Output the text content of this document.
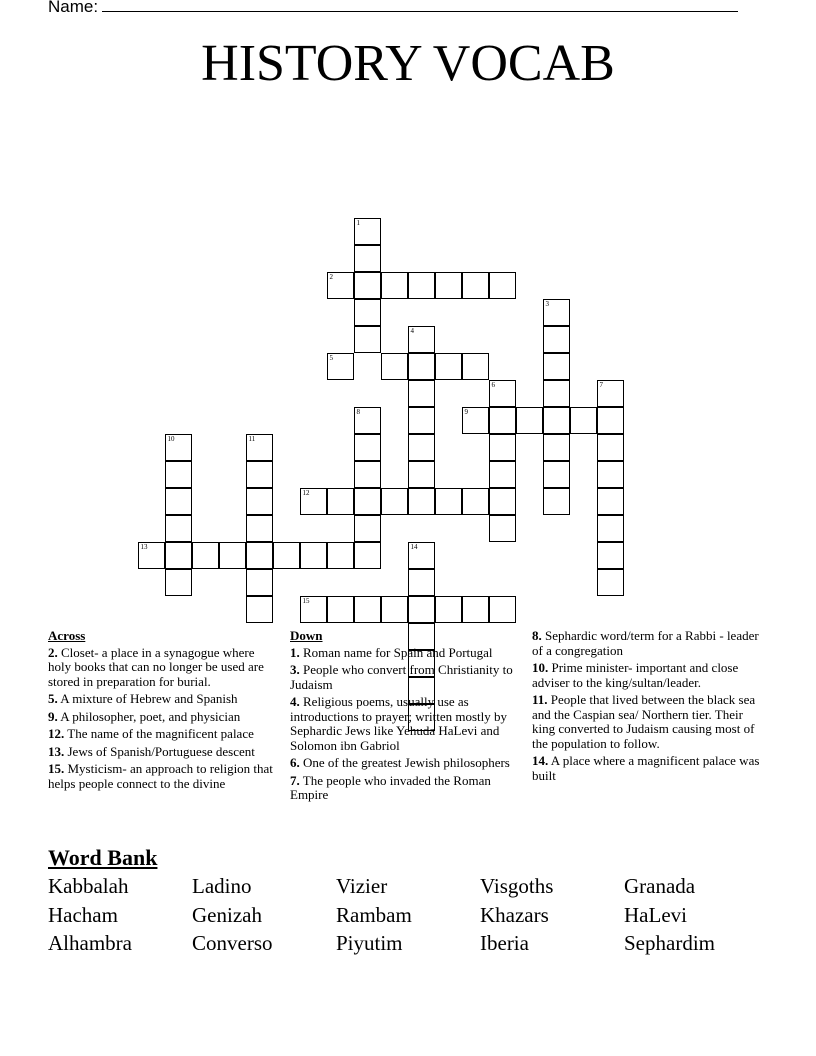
Name:
HISTORY VOCAB
1
2
3
4
5
6	7
8	9
10	11
12
13	14
15
Across
2. Closet- a place in a synagogue where holy books that can no longer be used are stored in preparation for burial.
5. A mixture of Hebrew and Spanish
9. A philosopher, poet, and physician
12. The name of the magnificent palace
13. Jews of Spanish/Portuguese descent
15. Mysticism- an approach to religion that helps people connect to the divine
Down
1. Roman name for Spain and Portugal
3. People who convert from Christianity to Judaism
4. Religious poems, usually use as introductions to prayer; written mostly by Sephardic Jews like Yehuda HaLevi and Solomon ibn Gabriol
6. One of the greatest Jewish philosophers
7. The people who invaded the Roman Empire
8. Sephardic word/term for a Rabbi - leader of a congregation
10. Prime minister- important and close adviser to the king/sultan/leader.
11. People that lived between the black sea and the Caspian sea/ Northern tier. Their king converted to Judaism causing most of the population to follow.
14. A place where a magnificent palace was built
Word Bank
Kabbalah	Ladino	Vizier	Visgoths	Granada
Hacham	Genizah	Rambam	Khazars	HaLevi
Alhambra	Converso	Piyutim	Iberia	Sephardim
